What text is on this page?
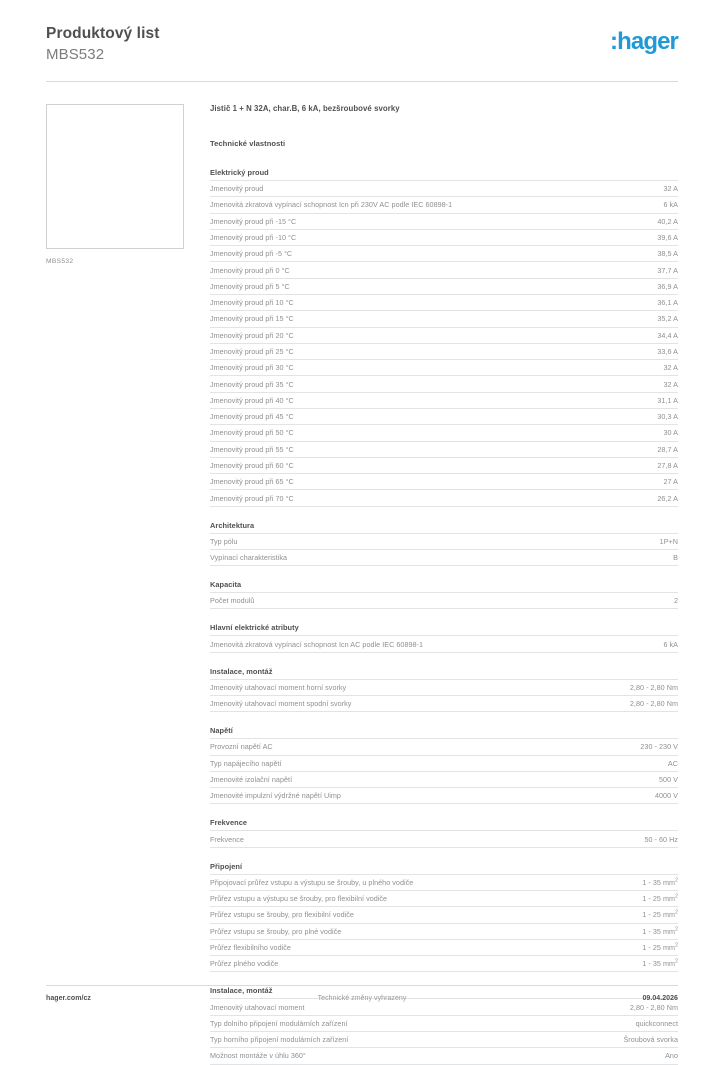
Produktový list
MBS532	:hager
MBS532
Jistič 1 + N 32A, char.B, 6 kA, bezšroubové svorky
Technické vlastnosti
Elektrický proud
Jmenovitý proud	32 A
Jmenovitá zkratová vypínací schopnost Icn při 230V AC podle IEC 60898-1	6 kA
Jmenovitý proud při -15 °C	40,2 A
Jmenovitý proud při -10 °C	39,6 A
Jmenovitý proud při -5 °C	38,5 A
Jmenovitý proud při 0 °C	37,7 A
Jmenovitý proud při 5 °C	36,9 A
Jmenovitý proud při 10 °C	36,1 A
Jmenovitý proud při 15 °C	35,2 A
Jmenovitý proud při 20 °C	34,4 A
Jmenovitý proud při 25 °C	33,6 A
Jmenovitý proud při 30 °C	32 A
Jmenovitý proud při 35 °C	32 A
Jmenovitý proud při 40 °C	31,1 A
Jmenovitý proud při 45 °C	30,3 A
Jmenovitý proud při 50 °C	30 A
Jmenovitý proud při 55 °C	28,7 A
Jmenovitý proud při 60 °C	27,8 A
Jmenovitý proud při 65 °C	27 A
Jmenovitý proud při 70 °C	26,2 A
Architektura
Typ pólu	1P+N
Vypínací charakteristika	B
Kapacita
Počet modulů	2
Hlavní elektrické atributy
Jmenovitá zkratová vypínací schopnost Icn AC podle IEC 60898-1	6 kA
Instalace, montáž
Jmenovitý utahovací moment horní svorky	2,80 - 2,80 Nm
Jmenovitý utahovací moment spodní svorky	2,80 - 2,80 Nm
Napětí
Provozní napětí AC	230 - 230 V
Typ napájecího napětí	AC
Jmenovité izolační napětí	500 V
Jmenovité impulzní výdržné napětí Uimp	4000 V
Frekvence
Frekvence	50 - 60 Hz
Připojení
Připojovací průřez vstupu a výstupu se šrouby, u plného vodiče	1 - 35 $mm^2$
Průřez vstupu a výstupu se šrouby, pro flexibilní vodiče	1 - 25 $mm^2$
Průřez vstupu se šrouby, pro flexibilní vodiče	1 - 25 $mm^2$
Průřez vstupu se šrouby, pro plné vodiče	1 - 35 $mm^2$
Průřez flexibilního vodiče	1 - 25 $mm^2$
Průřez plného vodiče	1 - 35 $mm^2$
Instalace, montáž
Jmenovitý utahovací moment	2,80 - 2,80 Nm
Typ dolního připojení modulárních zařízení	quickconnect
Typ horního připojení modulárních zařízení	Šroubová svorka
Možnost montáže v úhlu 360°	Ano
hager.com/cz	Technické změny vyhrazeny	09.04.2026
